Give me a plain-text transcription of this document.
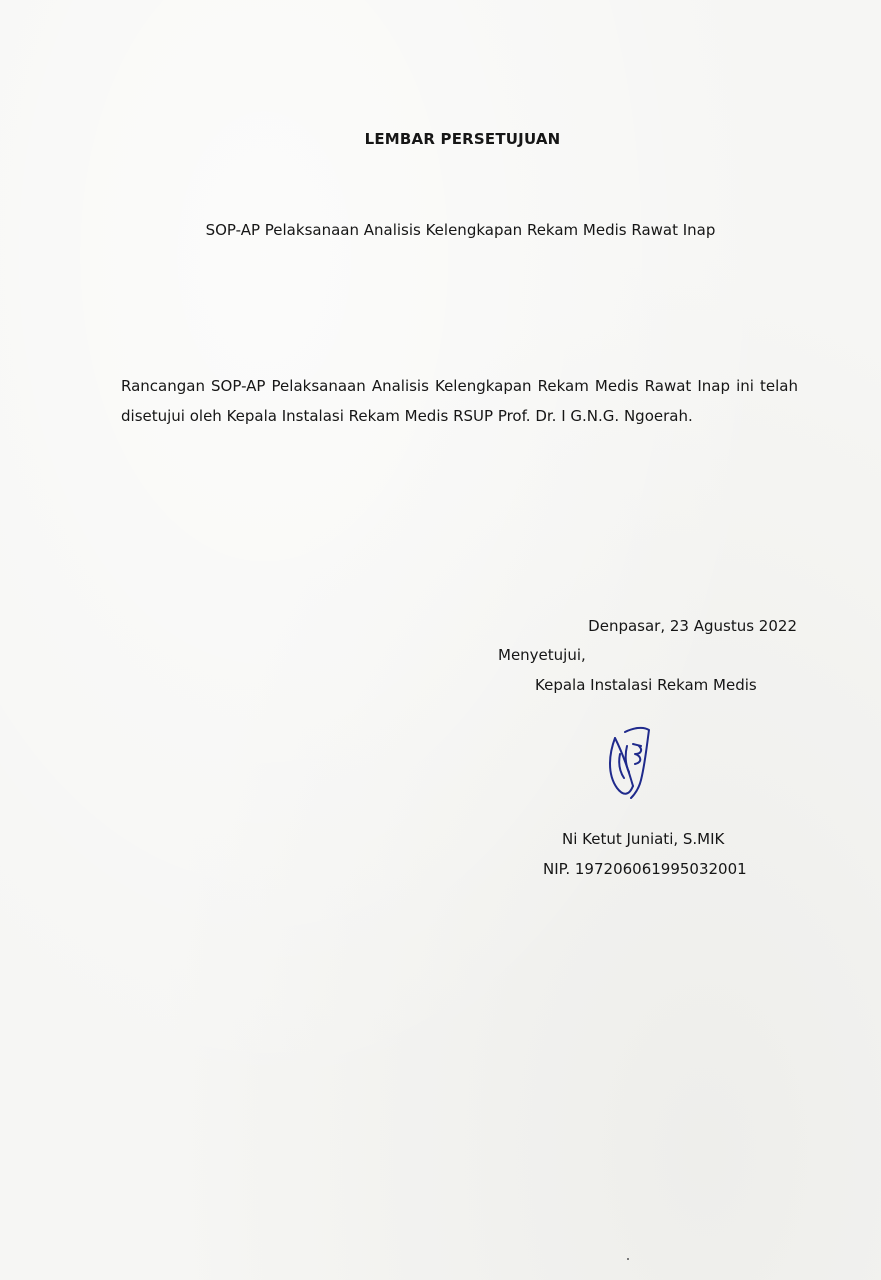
LEMBAR PERSETUJUAN
SOP-AP Pelaksanaan Analisis Kelengkapan Rekam Medis Rawat Inap
Rancangan SOP-AP Pelaksanaan Analisis Kelengkapan Rekam Medis Rawat Inap ini telah disetujui oleh Kepala Instalasi Rekam Medis RSUP Prof. Dr. I G.N.G. Ngoerah.
Denpasar, 23 Agustus 2022
Menyetujui,
Kepala Instalasi Rekam Medis
Ni Ketut Juniati, S.MIK
NIP. 197206061995032001
